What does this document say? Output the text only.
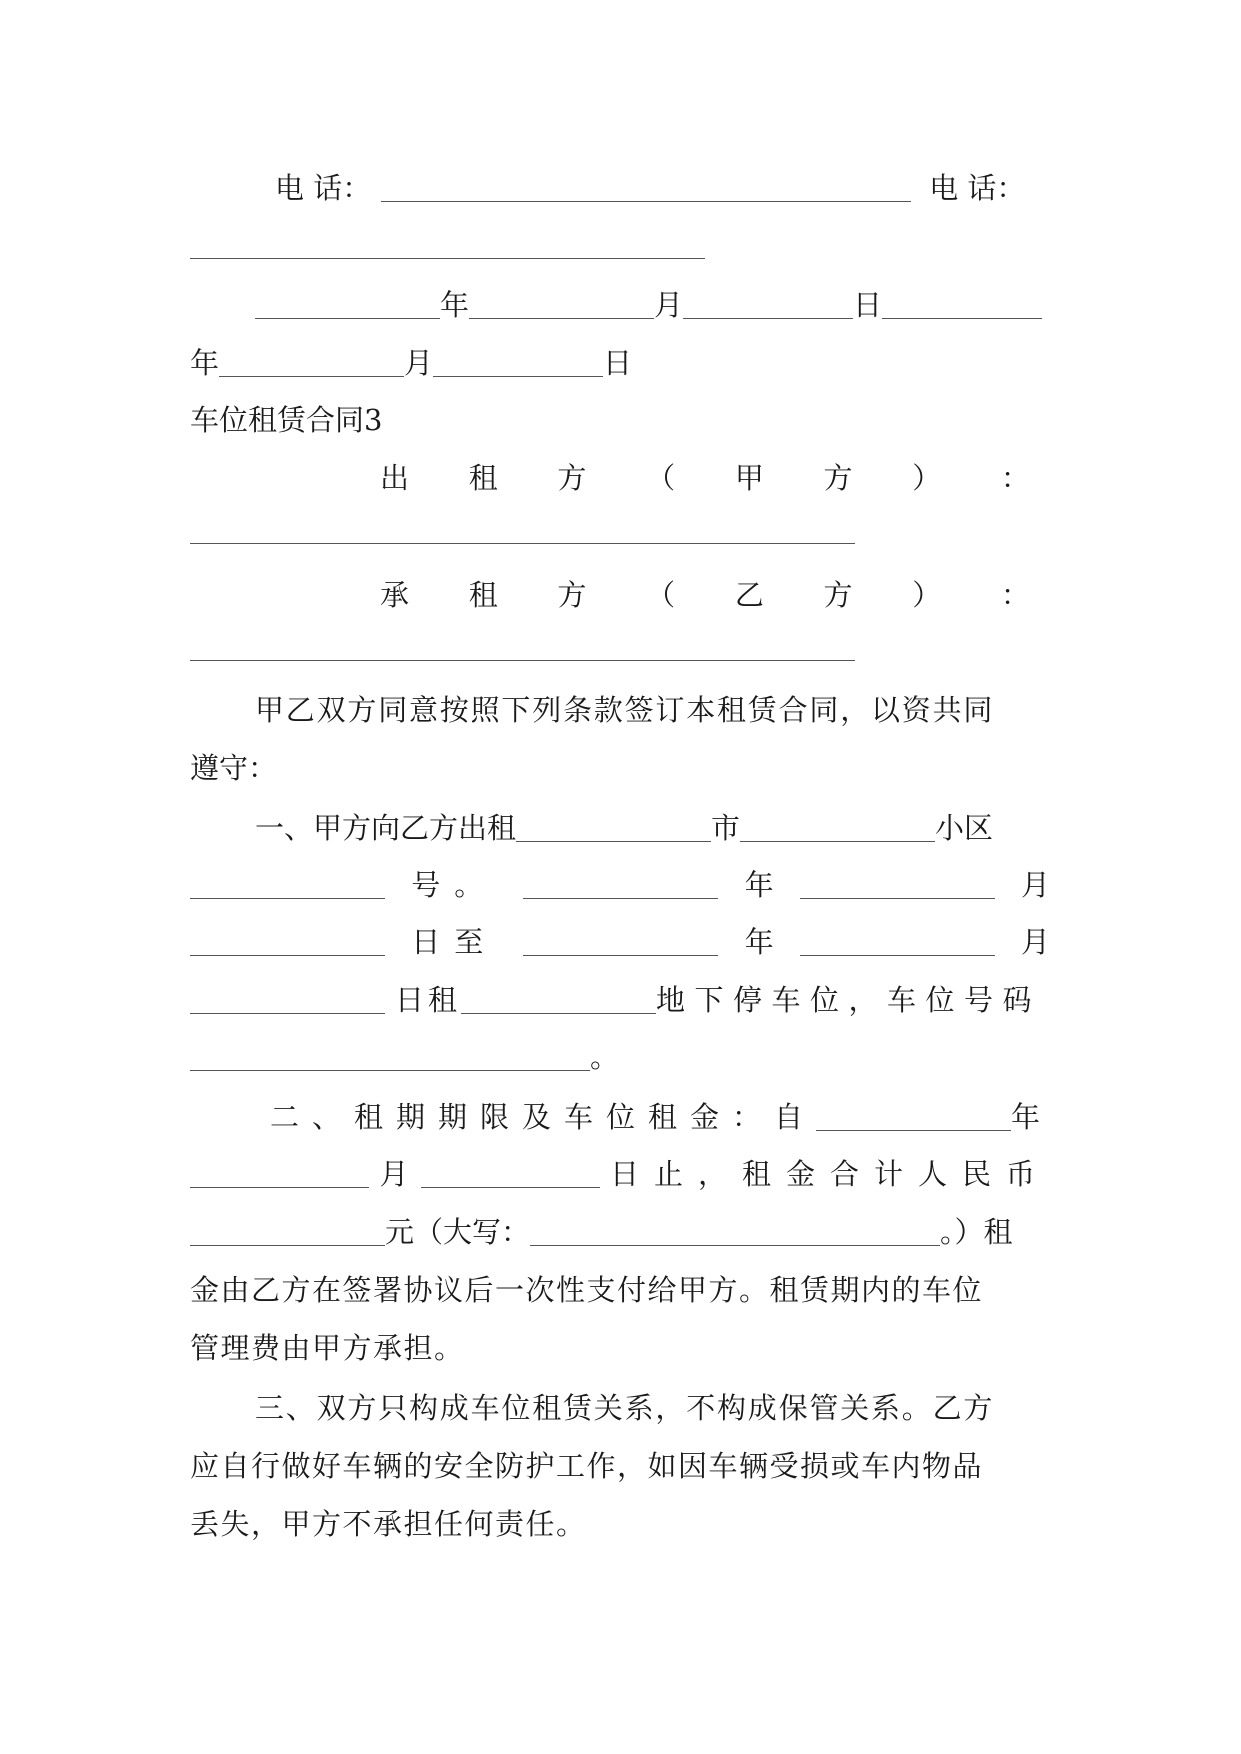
电 话：	电 话：
年	月	日
年	月	日
车位租赁合同3
出 租 方 （ 甲 方 ） ：
承 租 方 （ 乙 方 ） ：
甲乙双方同意按照下列条款签订本租赁合同，以资共同
遵守：
一、甲方向乙方出租	市	小区
号。	年	月
日至	年	月
日租	地下停车位，车位号码
。
二、租期期限及车位租金：自	年
月	日止，租金合计人民币
元（大写：	。）租
金由乙方在签署协议后一次性支付给甲方。租赁期内的车位
管理费由甲方承担。
三、双方只构成车位租赁关系，不构成保管关系。乙方
应自行做好车辆的安全防护工作，如因车辆受损或车内物品
丢失，甲方不承担任何责任。
